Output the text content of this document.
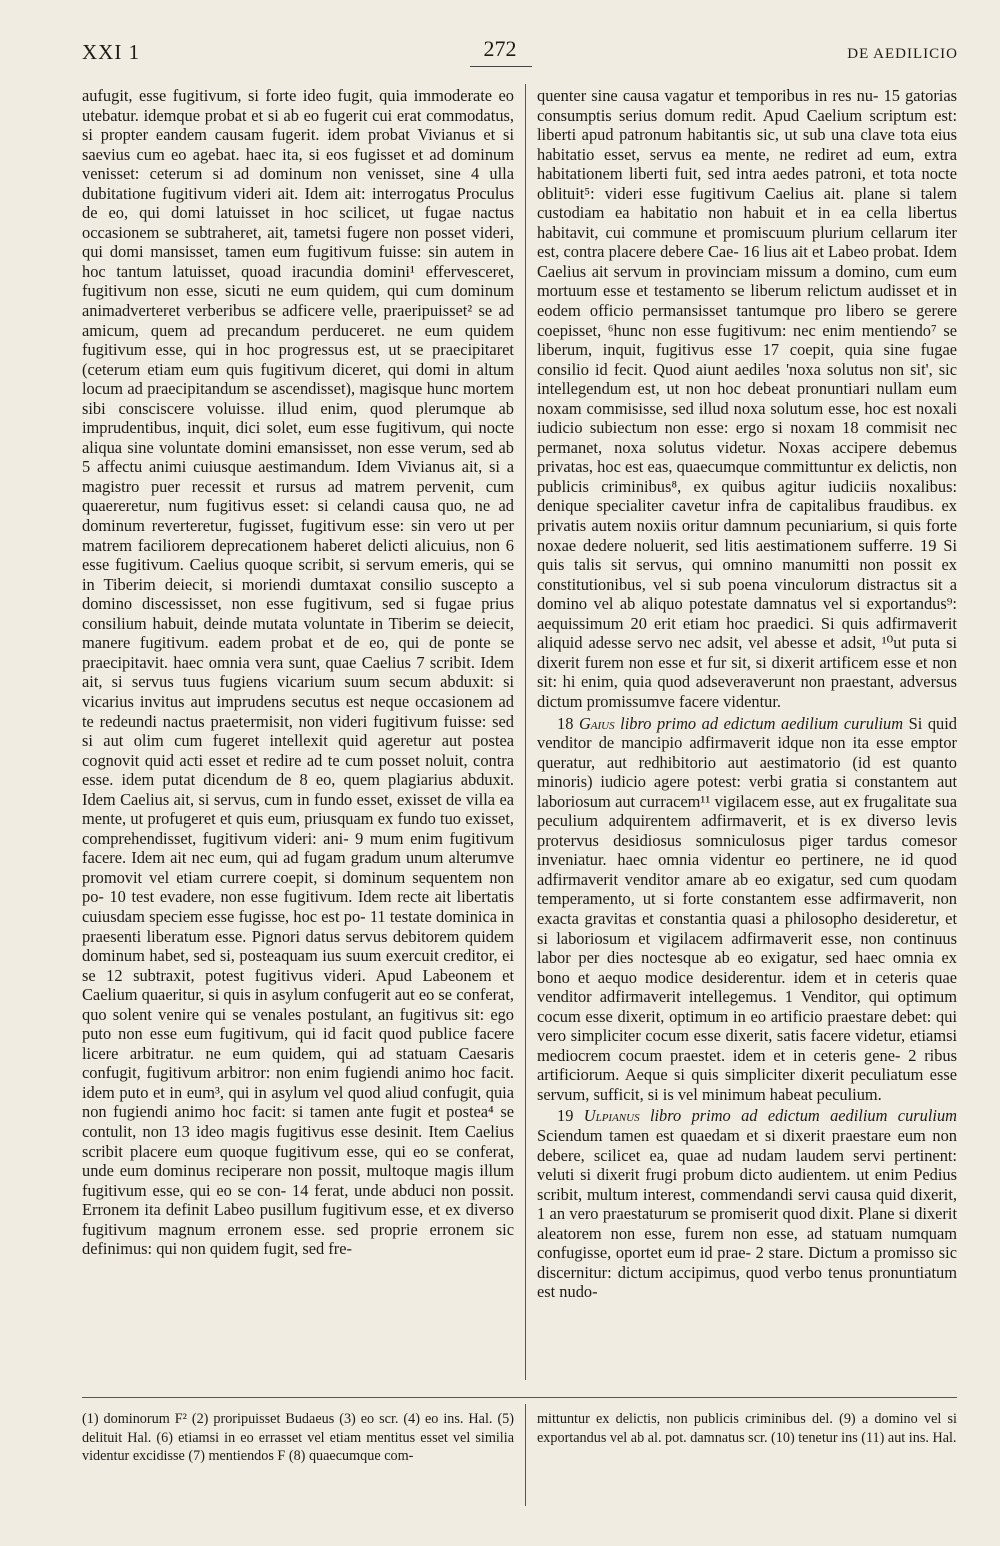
XXI 1	272	DE AEDILICIO

aufugit, esse fugitivum, si forte ideo fugit, quia immoderate eo utebatur. idemque probat et si ab eo fugerit cui erat commodatus, si propter eandem causam fugerit. idem probat Vivianus et si saevius cum eo agebat. haec ita, si eos fugisset et ad dominum venisset: ceterum si ad dominum non venisset, sine 4 ulla dubitatione fugitivum videri ait. Idem ait: interrogatus Proculus de eo, qui domi latuisset in hoc scilicet, ut fugae nactus occasionem se subtraheret, ait, tametsi fugere non posset videri, qui domi mansisset, tamen eum fugitivum fuisse: sin autem in hoc tantum latuisset, quoad iracundia domini¹ effervesceret, fugitivum non esse, sicuti ne eum quidem, qui cum dominum animadverteret verberibus se adficere velle, praeripuisset² se ad amicum, quem ad precandum perduceret. ne eum quidem fugitivum esse, qui in hoc progressus est, ut se praecipitaret (ceterum etiam eum quis fugitivum diceret, qui domi in altum locum ad praecipitandum se ascendisset), magisque hunc mortem sibi consciscere voluisse. illud enim, quod plerumque ab imprudentibus, inquit, dici solet, eum esse fugitivum, qui nocte aliqua sine voluntate domini emansisset, non esse verum, sed ab 5 affectu animi cuiusque aestimandum. Idem Vivianus ait, si a magistro puer recessit et rursus ad matrem pervenit, cum quaereretur, num fugitivus esset: si celandi causa quo, ne ad dominum reverteretur, fugisset, fugitivum esse: sin vero ut per matrem faciliorem deprecationem haberet delicti alicuius, non 6 esse fugitivum. Caelius quoque scribit, si servum emeris, qui se in Tiberim deiecit, si moriendi dumtaxat consilio suscepto a domino discessisset, non esse fugitivum, sed si fugae prius consilium habuit, deinde mutata voluntate in Tiberim se deiecit, manere fugitivum. eadem probat et de eo, qui de ponte se praecipitavit. haec omnia vera sunt, quae Caelius 7 scribit. Idem ait, si servus tuus fugiens vicarium suum secum abduxit: si vicarius invitus aut imprudens secutus est neque occasionem ad te redeundi nactus praetermisit, non videri fugitivum fuisse: sed si aut olim cum fugeret intellexit quid ageretur aut postea cognovit quid acti esset et redire ad te cum posset noluit, contra esse. idem putat dicendum de 8 eo, quem plagiarius abduxit. Idem Caelius ait, si servus, cum in fundo esset, exisset de villa ea mente, ut profugeret et quis eum, priusquam ex fundo tuo exisset, comprehendisset, fugitivum videri: ani- 9 mum enim fugitivum facere. Idem ait nec eum, qui ad fugam gradum unum alterumve promovit vel etiam currere coepit, si dominum sequentem non po- 10 test evadere, non esse fugitivum. Idem recte ait libertatis cuiusdam speciem esse fugisse, hoc est po- 11 testate dominica in praesenti liberatum esse. Pignori datus servus debitorem quidem dominum habet, sed si, posteaquam ius suum exercuit creditor, ei se 12 subtraxit, potest fugitivus videri. Apud Labeonem et Caelium quaeritur, si quis in asylum confugerit aut eo se conferat, quo solent venire qui se venales postulant, an fugitivus sit: ego puto non esse eum fugitivum, qui id facit quod publice facere licere arbitratur. ne eum quidem, qui ad statuam Caesaris confugit, fugitivum arbitror: non enim fugiendi animo hoc facit. idem puto et in eum³, qui in asylum vel quod aliud confugit, quia non fugiendi animo hoc facit: si tamen ante fugit et postea⁴ se contulit, non 13 ideo magis fugitivus esse desinit. Item Caelius scribit placere eum quoque fugitivum esse, qui eo se conferat, unde eum dominus reciperare non possit, multoque magis illum fugitivum esse, qui eo se con- 14 ferat, unde abduci non possit. Erronem ita definit Labeo pusillum fugitivum esse, et ex diverso fugitivum magnum erronem esse. sed proprie erronem sic definimus: qui non quidem fugit, sed fre-

quenter sine causa vagatur et temporibus in res nu- 15 gatorias consumptis serius domum redit. Apud Caelium scriptum est: liberti apud patronum habitantis sic, ut sub una clave tota eius habitatio esset, servus ea mente, ne rediret ad eum, extra habitationem liberti fuit, sed intra aedes patroni, et tota nocte oblituit⁵: videri esse fugitivum Caelius ait. plane si talem custodiam ea habitatio non habuit et in ea cella libertus habitavit, cui commune et promiscuum plurium cellarum iter est, contra placere debere Cae- 16 lius ait et Labeo probat. Idem Caelius ait servum in provinciam missum a domino, cum eum mortuum esse et testamento se liberum relictum audisset et in eodem officio permansisset tantumque pro libero se gerere coepisset, ⁶hunc non esse fugitivum: nec enim mentiendo⁷ se liberum, inquit, fugitivus esse 17 coepit, quia sine fugae consilio id fecit. Quod aiunt aediles 'noxa solutus non sit', sic intellegendum est, ut non hoc debeat pronuntiari nullam eum noxam commisisse, sed illud noxa solutum esse, hoc est noxali iudicio subiectum non esse: ergo si noxam 18 commisit nec permanet, noxa solutus videtur. Noxas accipere debemus privatas, hoc est eas, quaecumque committuntur ex delictis, non publicis criminibus⁸, ex quibus agitur iudiciis noxalibus: denique specialiter cavetur infra de capitalibus fraudibus. ex privatis autem noxiis oritur damnum pecuniarium, si quis forte noxae dedere noluerit, sed litis aestimationem sufferre. 19 Si quis talis sit servus, qui omnino manumitti non possit ex constitutionibus, vel si sub poena vinculorum distractus sit a domino vel ab aliquo potestate damnatus vel si exportandus⁹: aequissimum 20 erit etiam hoc praedici. Si quis adfirmaverit aliquid adesse servo nec adsit, vel abesse et adsit, ¹⁰ut puta si dixerit furem non esse et fur sit, si dixerit artificem esse et non sit: hi enim, quia quod adseveraverunt non praestant, adversus dictum promissumve facere videntur.

18 Gaius libro primo ad edictum aedilium curulium Si quid venditor de mancipio adfirmaverit idque non ita esse emptor queratur, aut redhibitorio aut aestimatorio (id est quanto minoris) iudicio agere potest: verbi gratia si constantem aut laboriosum aut curracem¹¹ vigilacem esse, aut ex frugalitate sua peculium adquirentem adfirmaverit, et is ex diverso levis protervus desidiosus somniculosus piger tardus comesor inveniatur. haec omnia videntur eo pertinere, ne id quod adfirmaverit venditor amare ab eo exigatur, sed cum quodam temperamento, ut si forte constantem esse adfirmaverit, non exacta gravitas et constantia quasi a philosopho desideretur, et si laboriosum et vigilacem adfirmaverit esse, non continuus labor per dies noctesque ab eo exigatur, sed haec omnia ex bono et aequo modice desiderentur. idem et in ceteris quae venditor adfirmaverit intellegemus. 1 Venditor, qui optimum cocum esse dixerit, optimum in eo artificio praestare debet: qui vero simpliciter cocum esse dixerit, satis facere videtur, etiamsi mediocrem cocum praestet. idem et in ceteris gene- 2 ribus artificiorum. Aeque si quis simpliciter dixerit peculiatum esse servum, sufficit, si is vel minimum habeat peculium.

19 Ulpianus libro primo ad edictum aedilium curulium Sciendum tamen est quaedam et si dixerit praestare eum non debere, scilicet ea, quae ad nudam laudem servi pertinent: veluti si dixerit frugi probum dicto audientem. ut enim Pedius scribit, multum interest, commendandi servi causa quid dixerit, 1 an vero praestaturum se promiserit quod dixit. Plane si dixerit aleatorem non esse, furem non esse, ad statuam numquam confugisse, oportet eum id prae- 2 stare. Dictum a promisso sic discernitur: dictum accipimus, quod verbo tenus pronuntiatum est nudo-

(1) dominorum F² (2) proripuisset Budaeus (3) eo scr. (4) eo ins. Hal. (5) delituit Hal. (6) etiamsi in eo errasset vel etiam mentitus esset vel similia videntur excidisse (7) mentiendos F (8) quaecumque com-

mittuntur ex delictis, non publicis criminibus del. (9) a domino vel si exportandus vel ab al. pot. damnatus scr. (10) tenetur ins (11) aut ins. Hal.
